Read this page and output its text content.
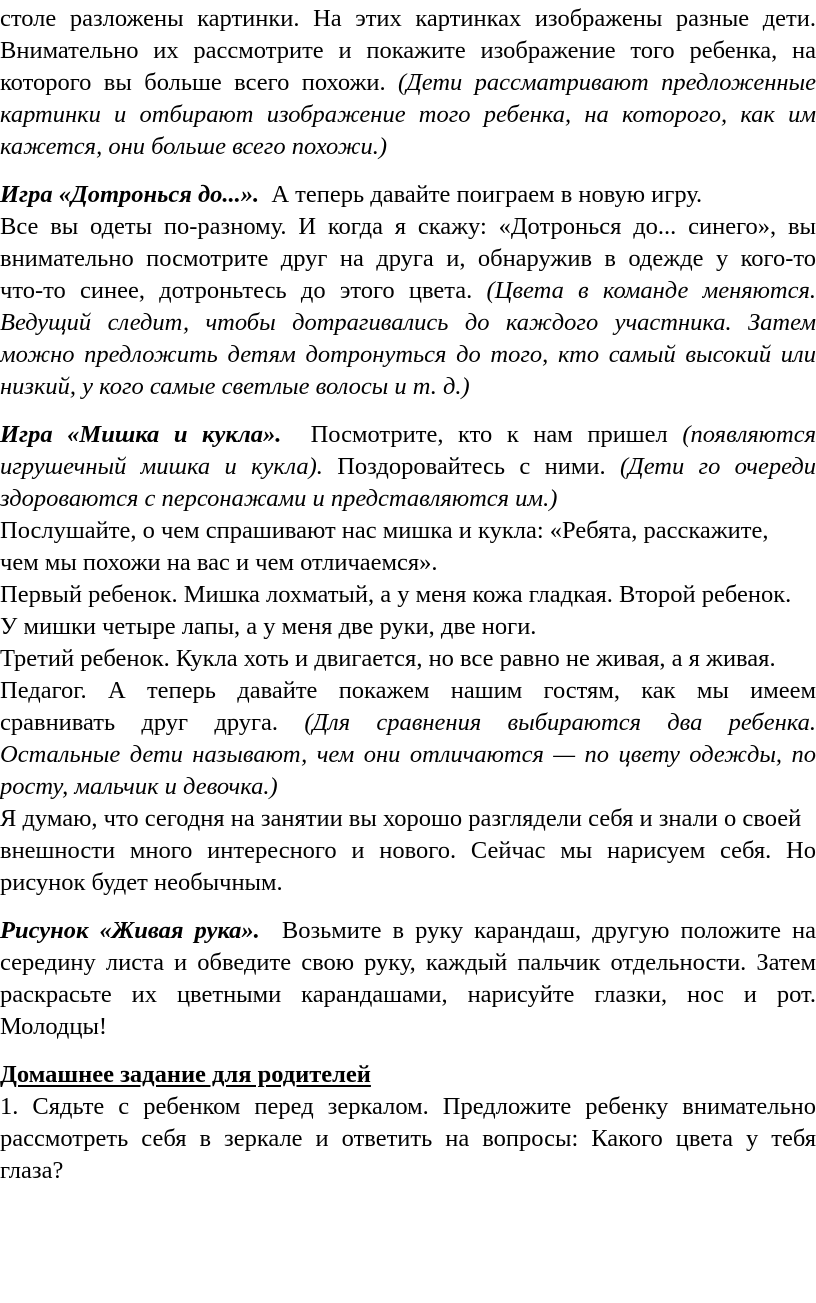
столе разложены картинки. На этих картинках изображены разные дети.
Внимательно их рассмотрите и покажите изображение того ребенка, на
которого вы больше всего похожи. (Дети рассматривают предложенные
картинки и отбирают изображение того ребенка, на которого, как им
кажется, они больше всего похожи.)
Игра «Дотронься до...». А теперь давайте поиграем в новую игру.
Все вы одеты по-разному. И когда я скажу: «Дотронься до... синего», вы
внимательно посмотрите друг на друга и, обнаружив в одежде у кого-то
что-то синее, дотроньтесь до этого цвета. (Цвета в команде меняются.
Ведущий следит, чтобы дотрагивались до каждого участника. Затем
можно предложить детям дотронуться до того, кто самый высокий или
низкий, у кого самые светлые волосы и т. д.)
Игра «Мишка и кукла». Посмотрите, кто к нам пришел (появляются
игрушечный мишка и кукла). Поздоровайтесь с ними. (Дети го очереди
здороваются с персонажами и представляются им.)
Послушайте, о чем спрашивают нас мишка и кукла: «Ребята, расскажите,
чем мы похожи на вас и чем отличаемся».
Первый ребенок. Мишка лохматый, а у меня кожа гладкая. Второй ребенок.
У мишки четыре лапы, а у меня две руки, две ноги.
Третий ребенок. Кукла хоть и двигается, но все равно не живая, а я живая.
Педагог. А теперь давайте покажем нашим гостям, как мы имеем
сравнивать друг друга. (Для сравнения выбираются два ребенка.
Остальные дети называют, чем они отличаются — по цвету одежды, по
росту, мальчик и девочка.)
Я думаю, что сегодня на занятии вы хорошо разглядели себя и знали о своей
внешности много интересного и нового. Сейчас мы нарисуем себя. Но
рисунок будет необычным.
Рисунок «Живая рука». Возьмите в руку карандаш, другую положите на
середину листа и обведите свою руку, каждый пальчик отдельности. Затем
раскрасьте их цветными карандашами, нарисуйте глазки, нос и рот.
Молодцы!
Домашнее задание для родителей
1. Сядьте с ребенком перед зеркалом. Предложите ребенку внимательно
рассмотреть себя в зеркале и ответить на вопросы: Какого цвета у тебя
глаза?
